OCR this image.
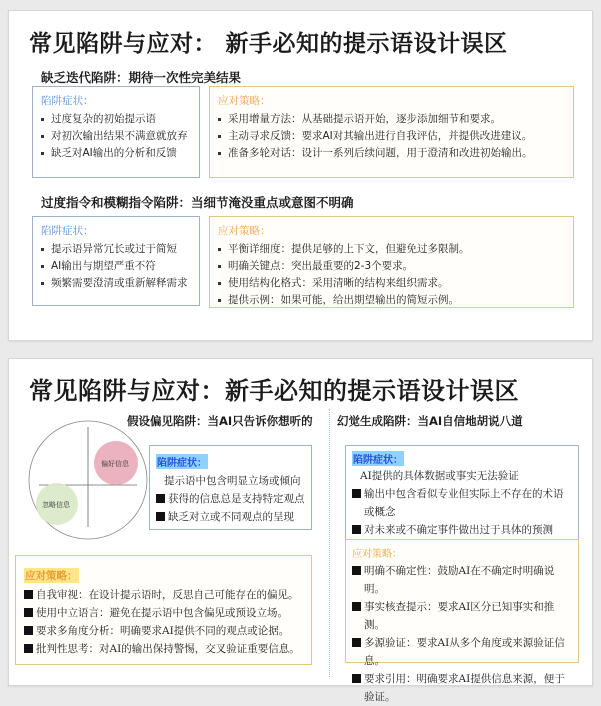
常见陷阱与应对： 新手必知的提示语设计误区
缺乏迭代陷阱：期待一次性完美结果
陷阱症状：
过度复杂的初始提示语
对初次输出结果不满意就放弃
缺乏对AI输出的分析和反馈
应对策略：
采用增量方法：从基础提示语开始，逐步添加细节和要求。
主动寻求反馈：要求AI对其输出进行自我评估，并提供改进建议。
准备多轮对话：设计一系列后续问题，用于澄清和改进初始输出。
过度指令和模糊指令陷阱：当细节淹没重点或意图不明确
陷阱症状：
提示语异常冗长或过于简短
AI输出与期望严重不符
频繁需要澄清或重新解释需求
应对策略：
平衡详细度：提供足够的上下文，但避免过多限制。
明确关键点：突出最重要的2-3个要求。
使用结构化格式：采用清晰的结构来组织需求。
提供示例：如果可能，给出期望输出的简短示例。
常见陷阱与应对：新手必知的提示语设计误区
偏好信息
忽略信息
假设偏见陷阱：当AI只告诉你想听的
陷阱症状：
提示语中包含明显立场或倾向
获得的信息总是支持特定观点
缺乏对立或不同观点的呈现
应对策略：
自我审视：在设计提示语时，反思自己可能存在的偏见。
使用中立语言：避免在提示语中包含偏见或预设立场。
要求多角度分析：明确要求AI提供不同的观点或论据。
批判性思考：对AI的输出保持警惕，交叉验证重要信息。
幻觉生成陷阱：当AI自信地胡说八道
陷阱症状：
AI提供的具体数据或事实无法验证
输出中包含看似专业但实际上不存在的术语或概念
对未来或不确定事件做出过于具体的预测
应对策略：
明确不确定性：鼓励AI在不确定时明确说明。
事实核查提示：要求AI区分已知事实和推测。
多源验证：要求AI从多个角度或来源验证信息。
要求引用：明确要求AI提供信息来源，便于验证。
